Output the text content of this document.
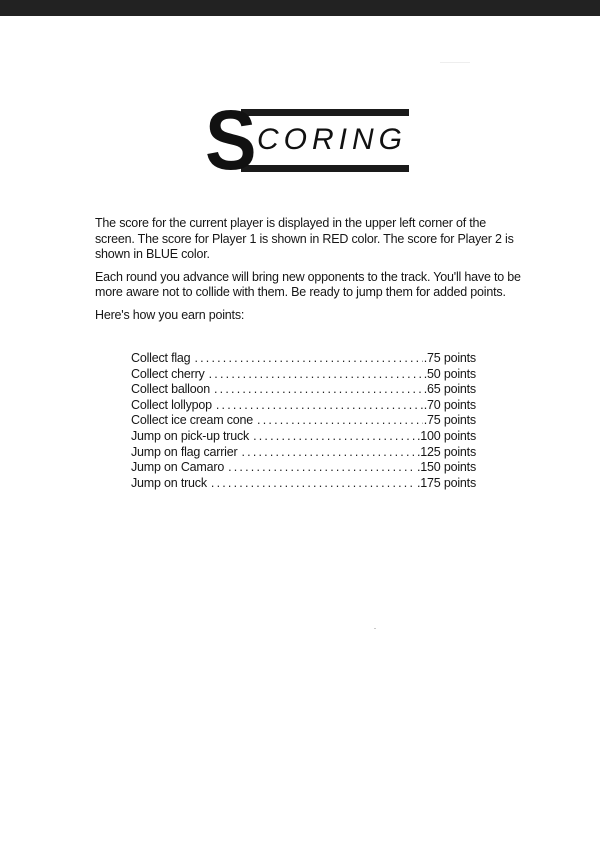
S CORING

The score for the current player is displayed in the upper left corner of the screen. The score for Player 1 is shown in RED color. The score for Player 2 is shown in BLUE color.

Each round you advance will bring new opponents to the track. You'll have to be more aware not to collide with them. Be ready to jump them for added points.

Here's how you earn points:

Collect flag .....	.75 points
Collect cherry .....	.50 points
Collect balloon .....	.65 points
Collect lollypop .....	.70 points
Collect ice cream cone .....	.75 points
Jump on pick-up truck .....	.100 points
Jump on flag carrier .....	.125 points
Jump on Camaro .....	.150 points
Jump on truck .....	.175 points
